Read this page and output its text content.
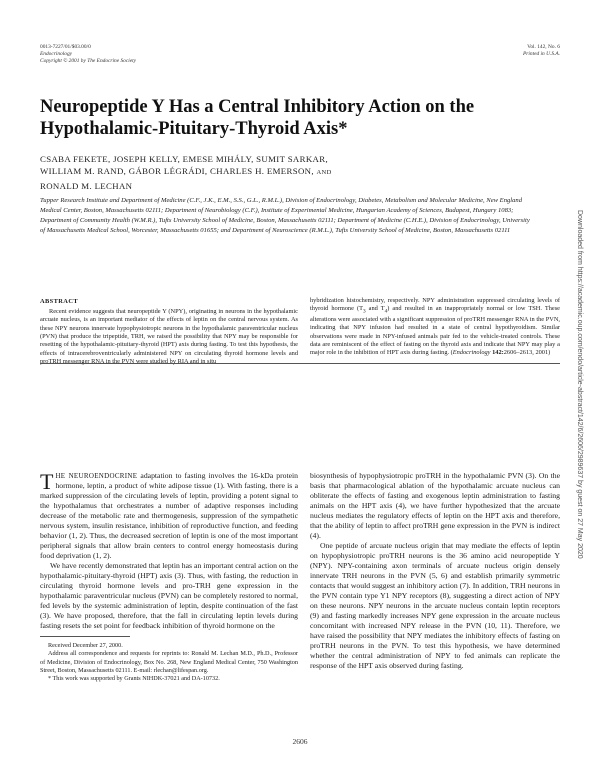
0013-7227/01/$03.00/0
Endocrinology
Copyright © 2001 by The Endocrine Society
Vol. 142, No. 6
Printed in U.S.A.
Neuropeptide Y Has a Central Inhibitory Action on the Hypothalamic-Pituitary-Thyroid Axis*
CSABA FEKETE, JOSEPH KELLY, EMESE MIHÁLY, SUMIT SARKAR,
WILLIAM M. RAND, GÁBOR LÉGRÁDI, CHARLES H. EMERSON, AND
RONALD M. LECHAN
Tupper Research Institute and Department of Medicine (C.F., J.K., E.M., S.S., G.L., R.M.L.), Division of Endocrinology, Diabetes, Metabolism and Molecular Medicine, New England Medical Center, Boston, Massachusetts 02111; Department of Neurobiology (C.F.), Institute of Experimental Medicine, Hungarian Academy of Sciences, Budapest, Hungary 1083; Department of Community Health (W.M.R.), Tufts University School of Medicine, Boston, Massachusetts 02111; Department of Medicine (C.H.E.), Division of Endocrinology, University of Massachusetts Medical School, Worcester, Massachusetts 01655; and Department of Neuroscience (R.M.L.), Tufts University School of Medicine, Boston, Massachusetts 02111
ABSTRACT
Recent evidence suggests that neuropeptide Y (NPY), originating in neurons in the hypothalamic arcuate nucleus, is an important mediator of the effects of leptin on the central nervous system. As these NPY neurons innervate hypophysiotropic neurons in the hypothalamic paraventricular nucleus (PVN) that produce the tripeptide, TRH, we raised the possibility that NPY may be responsible for resetting of the hypothalamic-pituitary-thyroid (HPT) axis during fasting. To test this hypothesis, the effects of intracerebroventricularly administered NPY on circulating thyroid hormone levels and proTRH messenger RNA in the PVN were studied by RIA and in situ
hybridization histochemistry, respectively. NPY administration suppressed circulating levels of thyroid hormone ($T_3$ and $T_4$) and resulted in an inappropriately normal or low TSH. These alterations were associated with a significant suppression of proTRH messenger RNA in the PVN, indicating that NPY infusion had resulted in a state of central hypothyroidism. Similar observations were made in NPY-infused animals pair fed to the vehicle-treated controls. These data are reminiscent of the effect of fasting on the thyroid axis and indicate that NPY may play a major role in the inhibition of HPT axis during fasting. (Endocrinology 142:2606–2613, 2001)

THE NEUROENDOCRINE adaptation to fasting involves the 16-kDa protein hormone, leptin, a product of white adipose tissue (1). With fasting, there is a marked suppression of the circulating levels of leptin, providing a potent signal to the hypothalamus that orchestrates a number of adaptive responses including decrease of the metabolic rate and thermogenesis, suppression of the sympathetic nervous system, insulin resistance, inhibition of reproductive function, and feeding behavior (1, 2). Thus, the decreased secretion of leptin is one of the most important peripheral signals that allow brain centers to control energy homeostasis during food deprivation (1, 2).

We have recently demonstrated that leptin has an important central action on the hypothalamic-pituitary-thyroid (HPT) axis (3). Thus, with fasting, the reduction in circulating thyroid hormone levels and pro-TRH gene expression in the hypothalamic paraventricular nucleus (PVN) can be completely restored to normal, fed levels by the systemic administration of leptin, despite continuation of the fast (3). We have proposed, therefore, that the fall in circulating leptin levels during fasting resets the set point for feedback inhibition of thyroid hormone on the

biosynthesis of hypophysiotropic proTRH in the hypothalamic PVN (3). On the basis that pharmacological ablation of the hypothalamic arcuate nucleus can obliterate the effects of fasting and exogenous leptin administration to fasting animals on the HPT axis (4), we have further hypothesized that the arcuate nucleus mediates the regulatory effects of leptin on the HPT axis and therefore, that the ability of leptin to affect proTRH gene expression in the PVN is indirect (4).

One peptide of arcuate nucleus origin that may mediate the effects of leptin on hypophysiotropic proTRH neurons is the 36 amino acid neuropeptide Y (NPY). NPY-containing axon terminals of arcuate nucleus origin densely innervate TRH neurons in the PVN (5, 6) and establish primarily symmetric contacts that would suggest an inhibitory action (7). In addition, TRH neurons in the PVN contain type Y1 NPY receptors (8), suggesting a direct action of NPY on these neurons. NPY neurons in the arcuate nucleus contain leptin receptors (9) and fasting markedly increases NPY gene expression in the arcuate nucleus concomitant with increased NPY release in the PVN (10, 11). Therefore, we have raised the possibility that NPY mediates the inhibitory effects of fasting on proTRH neurons in the PVN. To test this hypothesis, we have determined whether the central administration of NPY to fed animals can replicate the response of the HPT axis observed during fasting.

Received December 27, 2000.

Address all correspondence and requests for reprints to: Ronald M. Lechan M.D., Ph.D., Professor of Medicine, Division of Endocrinology, Box No. 268, New England Medical Center, 750 Washington Street, Boston, Massachusetts 02111. E-mail: rlechan@lifespan.org.

* This work was supported by Grants NIHDK-37021 and DA-10732.

2606
Downloaded from https://academic.oup.com/endo/article-abstract/142/6/2606/2989637 by guest on 27 May 2020
